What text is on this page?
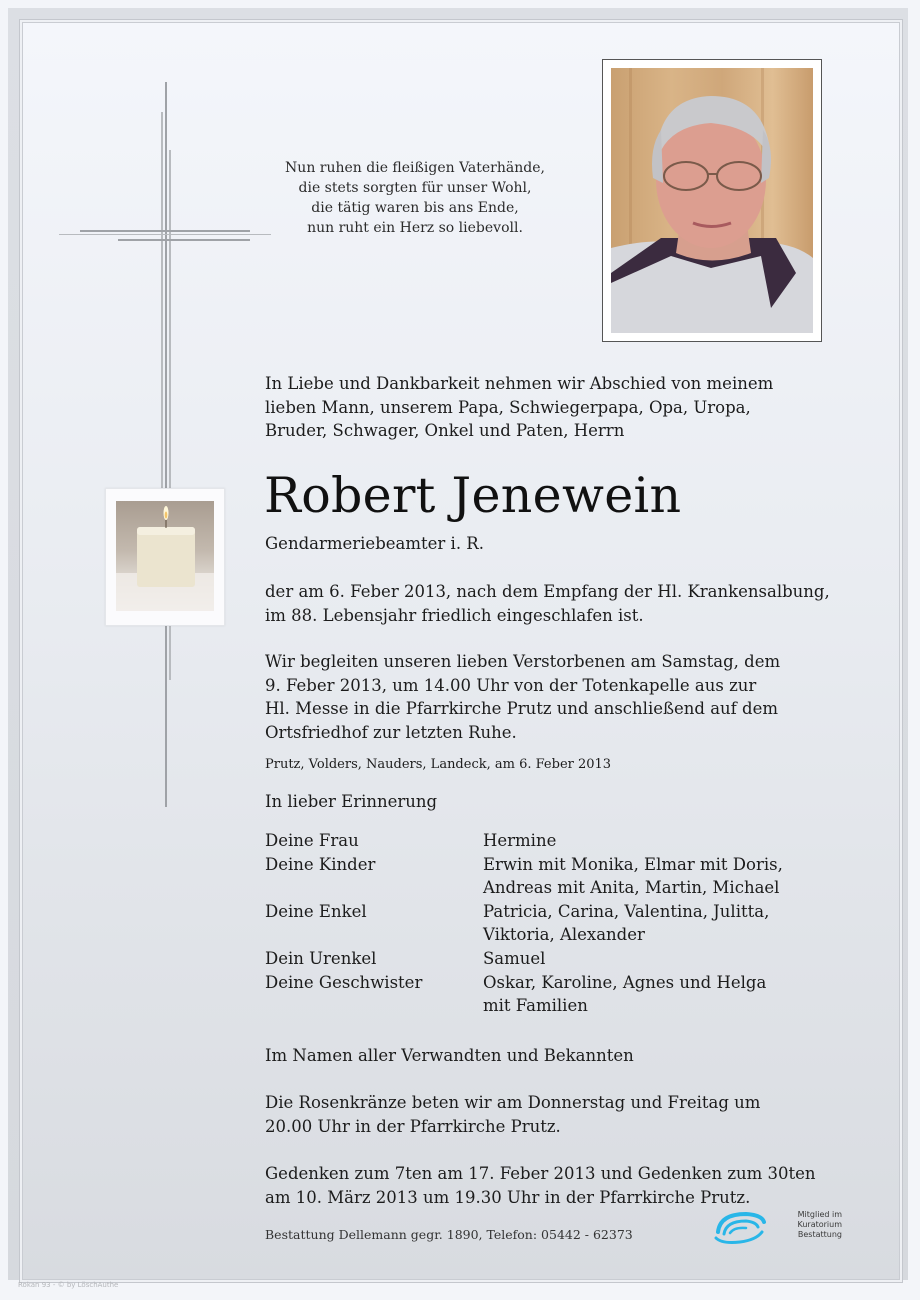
Nun ruhen die fleißigen Vaterhände,
die stets sorgten für unser Wohl,
die tätig waren bis ans Ende,
nun ruht ein Herz so liebevoll.
In Liebe und Dankbarkeit nehmen wir Abschied von meinem
lieben Mann, unserem Papa, Schwiegerpapa, Opa, Uropa,
Bruder, Schwager, Onkel und Paten, Herrn
Robert Jenewein
Gendarmeriebeamter i. R.
der am 6. Feber 2013, nach dem Empfang der Hl. Krankensalbung,
im 88. Lebensjahr friedlich eingeschlafen ist.
Wir begleiten unseren lieben Verstorbenen am Samstag, dem
9. Feber 2013, um 14.00 Uhr von der Totenkapelle aus zur
Hl. Messe in die Pfarrkirche Prutz und anschließend auf dem
Ortsfriedhof zur letzten Ruhe.
Prutz, Volders, Nauders, Landeck, am 6. Feber 2013
In lieber Erinnerung
Deine Frau	Hermine
Deine Kinder	Erwin mit Monika, Elmar mit Doris,
Andreas mit Anita, Martin, Michael
Deine Enkel	Patricia, Carina, Valentina, Julitta,
Viktoria, Alexander
Dein Urenkel	Samuel
Deine Geschwister	Oskar, Karoline, Agnes und Helga
mit Familien
Im Namen aller Verwandten und Bekannten
Die Rosenkränze beten wir am Donnerstag und Freitag um
20.00 Uhr in der Pfarrkirche Prutz.
Gedenken zum 7ten am 17. Feber 2013 und Gedenken zum 30ten
am 10. März 2013 um 19.30 Uhr in der Pfarrkirche Prutz.
Bestattung Dellemann gegr. 1890, Telefon: 05442 - 62373
Mitglied im
Kuratorium Bestattung
Rokan 93 - © by LöschAuthe
